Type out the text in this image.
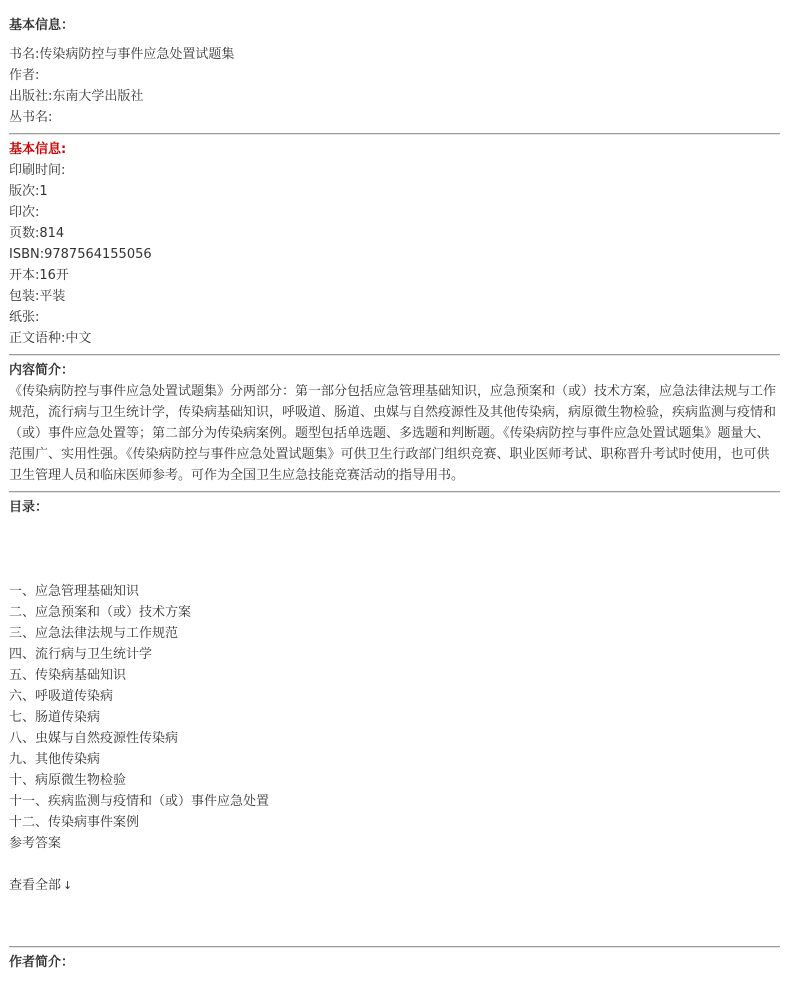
基本信息：
书名:传染病防控与事件应急处置试题集
作者:
出版社:东南大学出版社
丛书名:
基本信息:
印刷时间:
版次:1
印次:
页数:814
ISBN:9787564155056
开本:16开
包装:平装
纸张:
正文语种:中文
内容简介：
《传染病防控与事件应急处置试题集》分两部分：第一部分包括应急管理基础知识，应急预案和（或）技术方案，应急法律法规与工作规范，流行病与卫生统计学，传染病基础知识，呼吸道、肠道、虫媒与自然疫源性及其他传染病，病原微生物检验，疾病监测与疫情和（或）事件应急处置等；第二部分为传染病案例。题型包括单选题、多选题和判断题。《传染病防控与事件应急处置试题集》题量大、范围广、实用性强。《传染病防控与事件应急处置试题集》可供卫生行政部门组织竞赛、职业医师考试、职称晋升考试时使用，也可供卫生管理人员和临床医师参考。可作为全国卫生应急技能竞赛活动的指导用书。
目录：
一、应急管理基础知识
二、应急预案和（或）技术方案
三、应急法律法规与工作规范
四、流行病与卫生统计学
五、传染病基础知识
六、呼吸道传染病
七、肠道传染病
八、虫媒与自然疫源性传染病
九、其他传染病
十、病原微生物检验
十一、疾病监测与疫情和（或）事件应急处置
十二、传染病事件案例
参考答案
查看全部 ↓
作者简介：
